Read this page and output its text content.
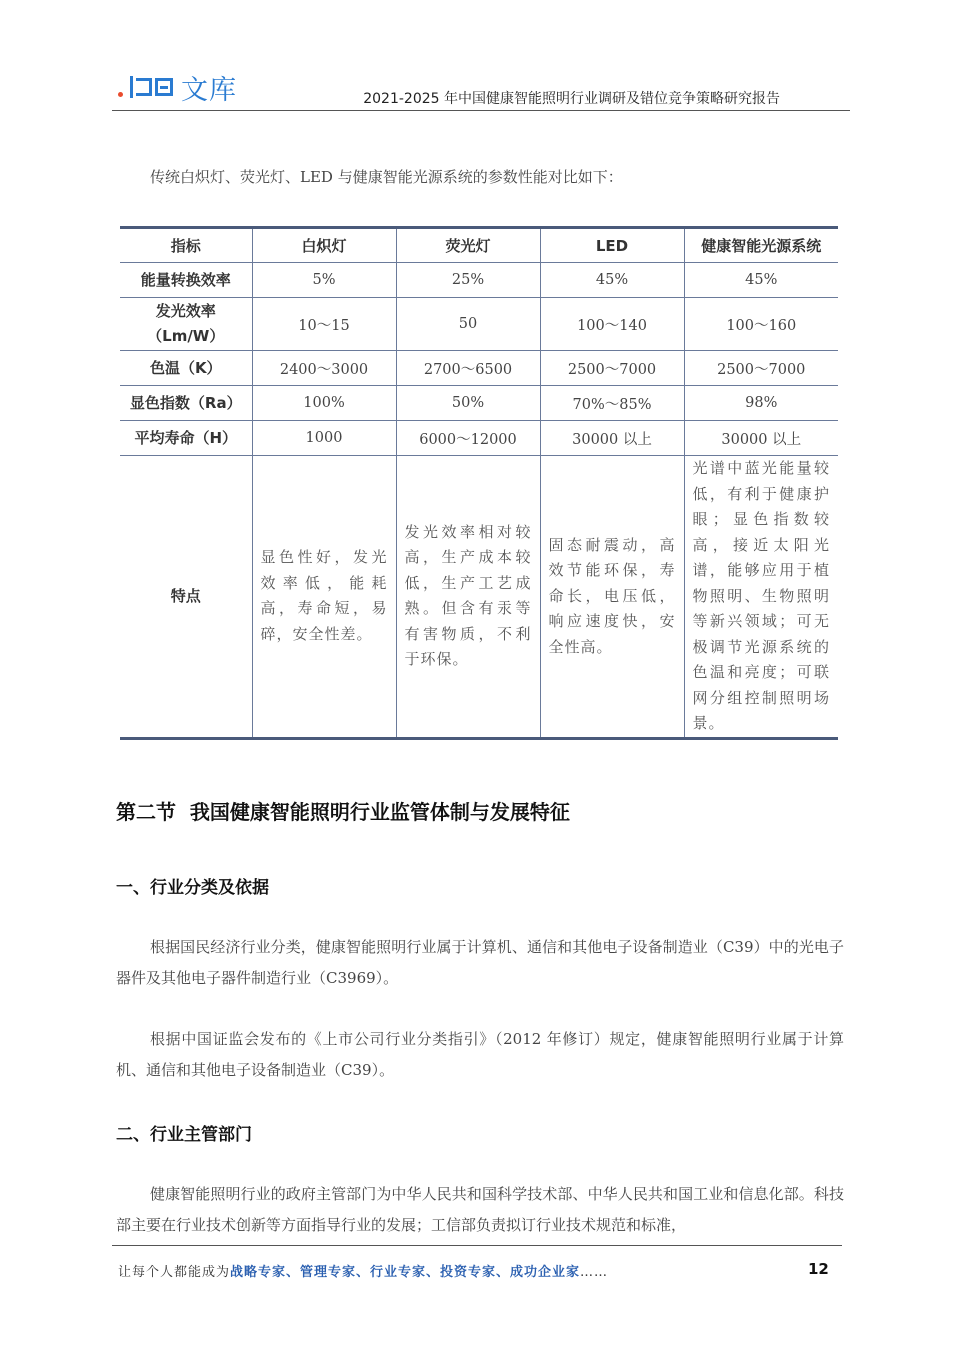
文库	2021-2025 年中国健康智能照明行业调研及错位竞争策略研究报告
传统白炽灯、荧光灯、LED 与健康智能光源系统的参数性能对比如下：
指标	白炽灯	荧光灯	LED	健康智能光源系统
能量转换效率	5%	25%	45%	45%
发光效率（Lm/W）	10～15	50	100～140	100～160
色温（K）	2400～3000	2700～6500	2500～7000	2500～7000
显色指数（Ra）	100%	50%	70%～85%	98%
平均寿命（H）	1000	6000～12000	30000 以上	30000 以上
特点	显色性好，发光效率低，能耗高，寿命短，易碎，安全性差。	发光效率相对较高，生产成本较低，生产工艺成熟。但含有汞等有害物质，不利于环保。	固态耐震动，高效节能环保，寿命长，电压低，响应速度快，安全性高。	光谱中蓝光能量较低，有利于健康护眼；显色指数较高，接近太阳光谱，能够应用于植物照明、生物照明等新兴领域；可无极调节光源系统的色温和亮度；可联网分组控制照明场景。
第二节  我国健康智能照明行业监管体制与发展特征
一、行业分类及依据
根据国民经济行业分类，健康智能照明行业属于计算机、通信和其他电子设备制造业（C39）中的光电子器件及其他电子器件制造行业（C3969）。
根据中国证监会发布的《上市公司行业分类指引》（2012 年修订）规定，健康智能照明行业属于计算机、通信和其他电子设备制造业（C39）。
二、行业主管部门
健康智能照明行业的政府主管部门为中华人民共和国科学技术部、中华人民共和国工业和信息化部。科技部主要在行业技术创新等方面指导行业的发展；工信部负责拟订行业技术规范和标准，
让每个人都能成为战略专家、管理专家、行业专家、投资专家、成功企业家……	12
